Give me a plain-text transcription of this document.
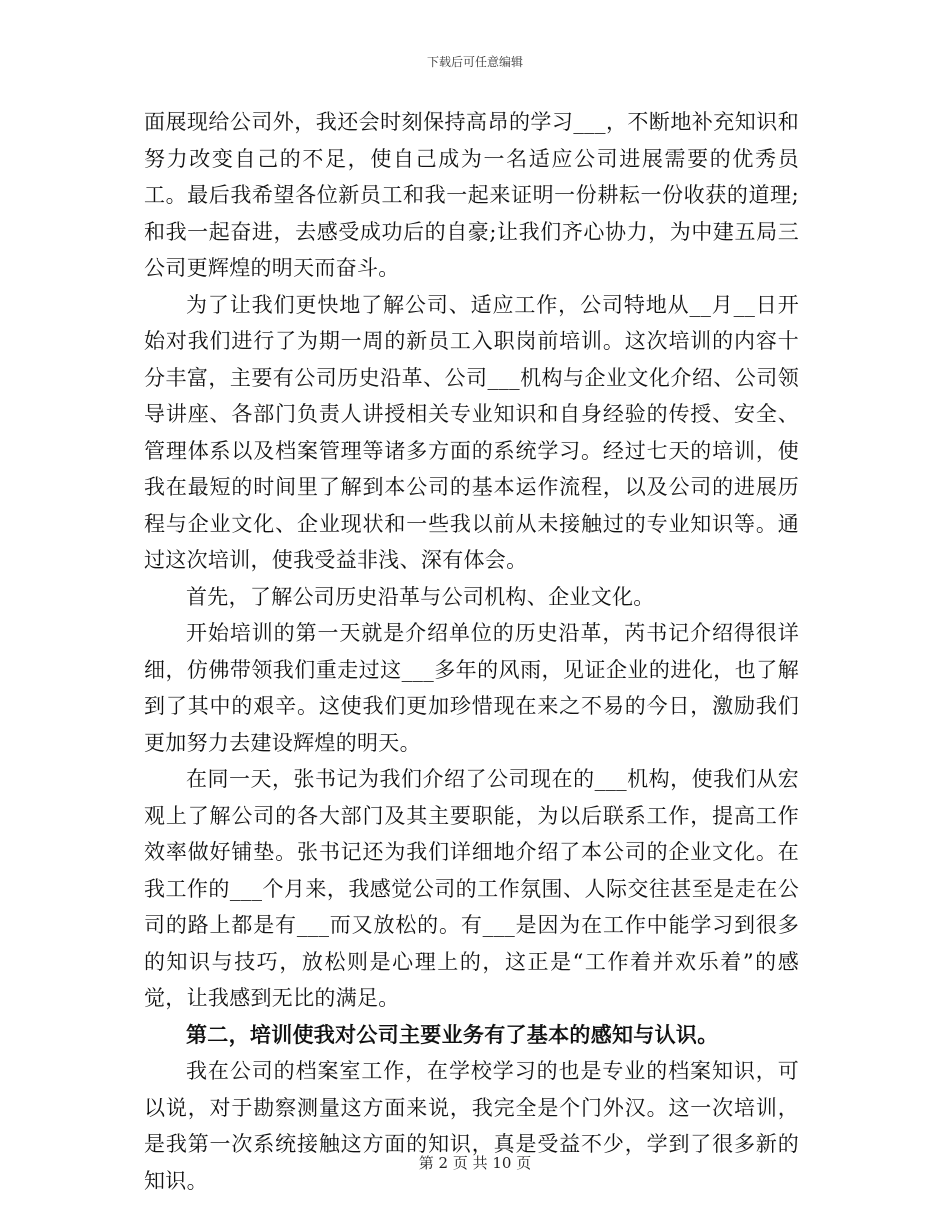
下载后可任意编辑

面展现给公司外，我还会时刻保持高昂的学习___，不断地补充知识和努力改变自己的不足，使自己成为一名适应公司进展需要的优秀员工。最后我希望各位新员工和我一起来证明一份耕耘一份收获的道理;和我一起奋进，去感受成功后的自豪;让我们齐心协力，为中建五局三公司更辉煌的明天而奋斗。

为了让我们更快地了解公司、适应工作，公司特地从__月__日开始对我们进行了为期一周的新员工入职岗前培训。这次培训的内容十分丰富，主要有公司历史沿革、公司___机构与企业文化介绍、公司领导讲座、各部门负责人讲授相关专业知识和自身经验的传授、安全、管理体系以及档案管理等诸多方面的系统学习。经过七天的培训，使我在最短的时间里了解到本公司的基本运作流程，以及公司的进展历程与企业文化、企业现状和一些我以前从未接触过的专业知识等。通过这次培训，使我受益非浅、深有体会。

首先，了解公司历史沿革与公司机构、企业文化。

开始培训的第一天就是介绍单位的历史沿革，芮书记介绍得很详细，仿佛带领我们重走过这___多年的风雨，见证企业的进化，也了解到了其中的艰辛。这使我们更加珍惜现在来之不易的今日，激励我们更加努力去建设辉煌的明天。

在同一天，张书记为我们介绍了公司现在的___机构，使我们从宏观上了解公司的各大部门及其主要职能，为以后联系工作，提高工作效率做好铺垫。张书记还为我们详细地介绍了本公司的企业文化。在我工作的___个月来，我感觉公司的工作氛围、人际交往甚至是走在公司的路上都是有___而又放松的。有___是因为在工作中能学习到很多的知识与技巧，放松则是心理上的，这正是“工作着并欢乐着”的感觉，让我感到无比的满足。

第二，培训使我对公司主要业务有了基本的感知与认识。

我在公司的档案室工作，在学校学习的也是专业的档案知识，可以说，对于勘察测量这方面来说，我完全是个门外汉。这一次培训，是我第一次系统接触这方面的知识，真是受益不少，学到了很多新的知识。

第 2 页 共 10 页
